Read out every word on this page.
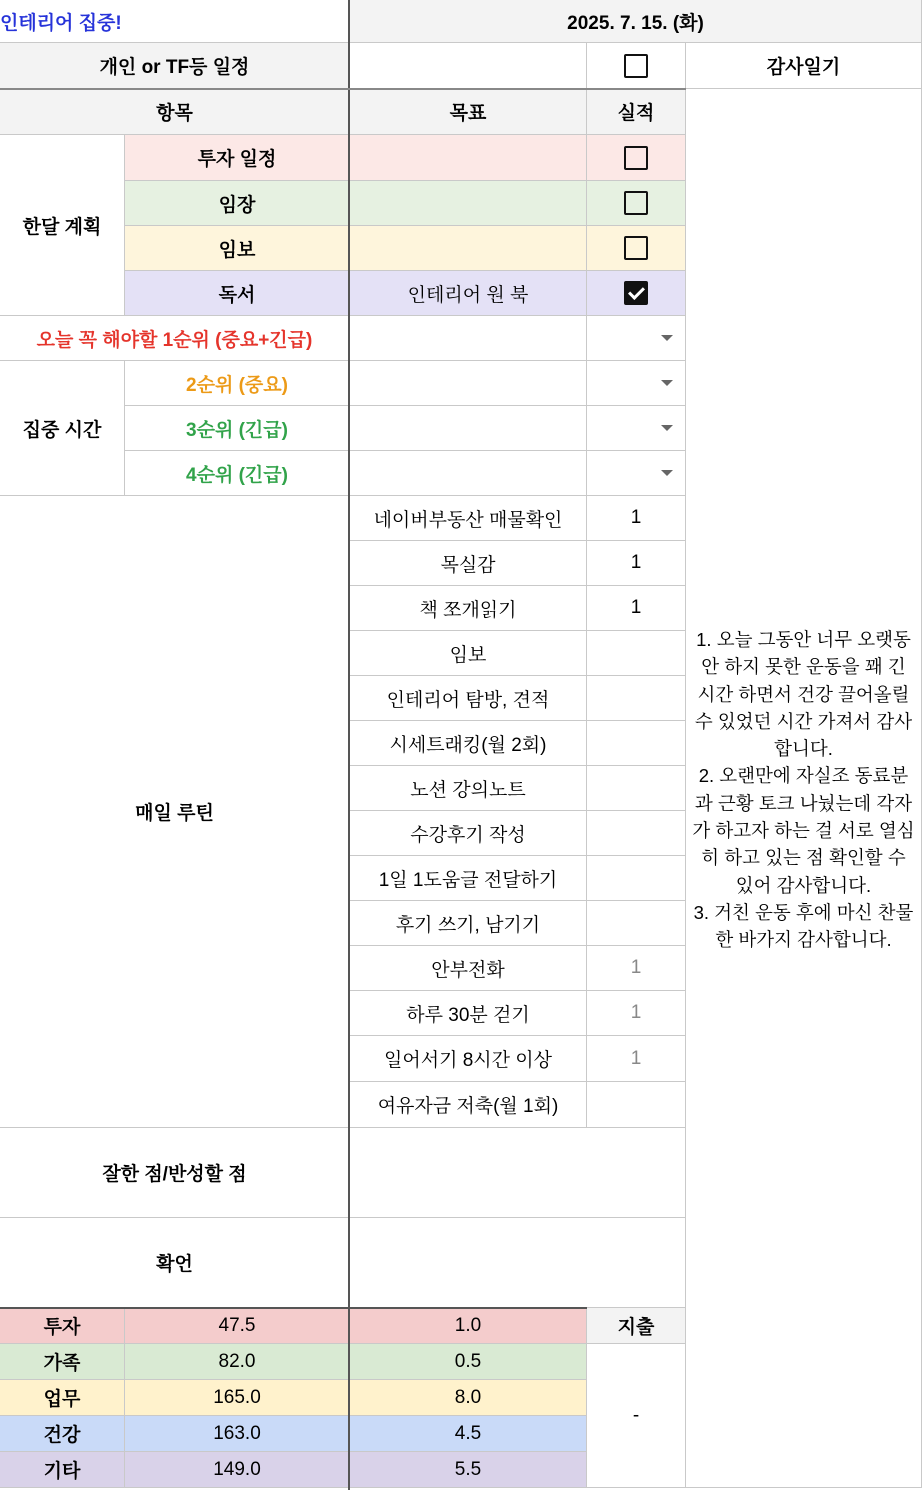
인테리어 집중!	2025. 7. 15. (화)
개인 or TF등 일정	감사일기
항목	목표	실적
1. 오늘 그동안 너무 오랫동안 하지 못한 운동을 꽤 긴 시간 하면서 건강 끌어올릴 수 있었던 시간 가져서 감사합니다.
2. 오랜만에 자실조 동료분과 근황 토크 나눴는데 각자가 하고자 하는 걸 서로 열심히 하고 있는 점 확인할 수 있어 감사합니다.
3. 거친 운동 후에 마신 찬물 한 바가지 감사합니다.
한달 계획
투자 일정
임장
임보
독서	인테리어 원 북
오늘 꼭 해야할 1순위 (중요+긴급)
집중 시간
2순위 (중요)
3순위 (긴급)
4순위 (긴급)
매일 루틴
네이버부동산 매물확인	1
목실감	1
책 쪼개읽기	1
임보
인테리어 탐방, 견적
시세트래킹(월 2회)
노션 강의노트
수강후기 작성
1일 1도움글 전달하기
후기 쓰기, 남기기
안부전화	1
하루 30분 걷기	1
일어서기 8시간 이상	1
여유자금 저축(월 1회)
잘한 점/반성할 점
확언
투자	47.5	1.0	지출
가족	82.0	0.5
업무	165.0	8.0
건강	163.0	4.5
기타	149.0	5.5
-
